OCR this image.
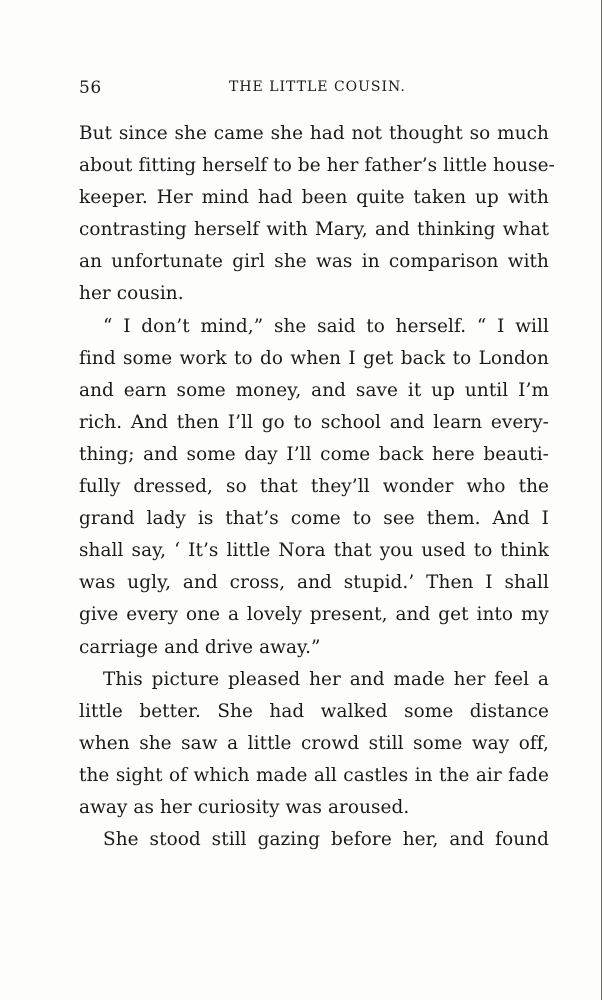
56	THE LITTLE COUSIN.
But since she came she had not thought so much
about fitting herself to be her father’s little house-
keeper. Her mind had been quite taken up with
contrasting herself with Mary, and thinking what
an unfortunate girl she was in comparison with
her cousin.
“ I don’t mind,” she said to herself. “ I will
find some work to do when I get back to London
and earn some money, and save it up until I’m
rich. And then I’ll go to school and learn every-
thing; and some day I’ll come back here beauti-
fully dressed, so that they’ll wonder who the
grand lady is that’s come to see them. And I
shall say, ‘ It’s little Nora that you used to think
was ugly, and cross, and stupid.’ Then I shall
give every one a lovely present, and get into my
carriage and drive away.”
This picture pleased her and made her feel a
little better. She had walked some distance
when she saw a little crowd still some way off,
the sight of which made all castles in the air fade
away as her curiosity was aroused.
She stood still gazing before her, and found
